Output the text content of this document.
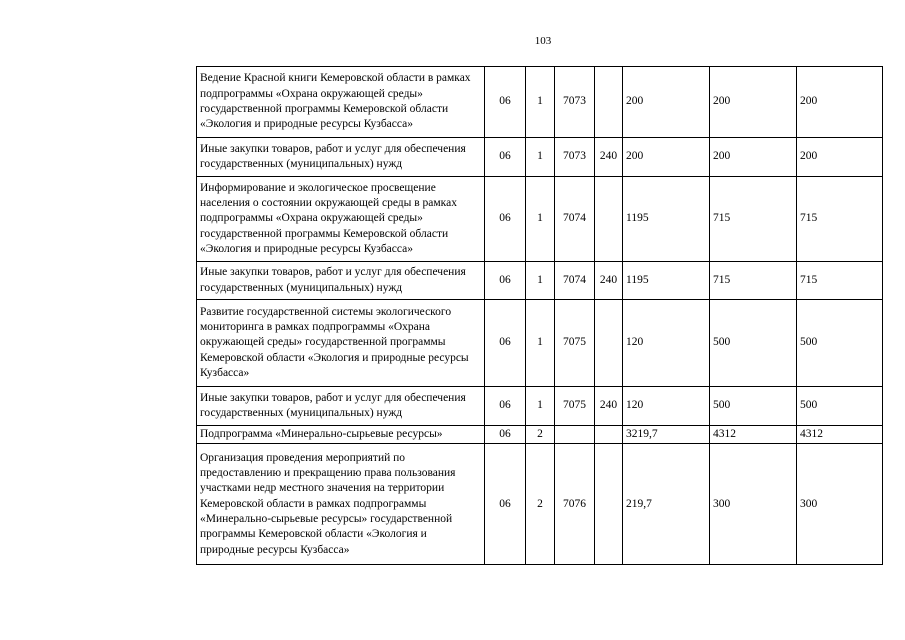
103
Ведение Красной книги Кемеровской области в рамках подпрограммы «Охрана окружающей среды» государственной программы Кемеровской области «Экология и природные ресурсы Кузбасса»	06	1	7073		200	200	200
Иные закупки товаров, работ и услуг для обеспечения государственных (муниципальных) нужд	06	1	7073	240	200	200	200
Информирование и экологическое просвещение населения о состоянии окружающей среды в рамках подпрограммы «Охрана окружающей среды» государственной программы Кемеровской области «Экология и природные ресурсы Кузбасса»	06	1	7074		1195	715	715
Иные закупки товаров, работ и услуг для обеспечения государственных (муниципальных) нужд	06	1	7074	240	1195	715	715
Развитие государственной системы экологического мониторинга в рамках подпрограммы «Охрана окружающей среды» государственной программы Кемеровской области «Экология и природные ресурсы Кузбасса»	06	1	7075		120	500	500
Иные закупки товаров, работ и услуг для обеспечения государственных (муниципальных) нужд	06	1	7075	240	120	500	500
Подпрограмма «Минерально-сырьевые ресурсы»	06	2			3219,7	4312	4312
Организация проведения мероприятий по предоставлению и прекращению права пользования участками недр местного значения на территории Кемеровской области в рамках подпрограммы «Минерально-сырьевые ресурсы» государственной программы Кемеровской области «Экология и природные ресурсы Кузбасса»	06	2	7076		219,7	300	300
